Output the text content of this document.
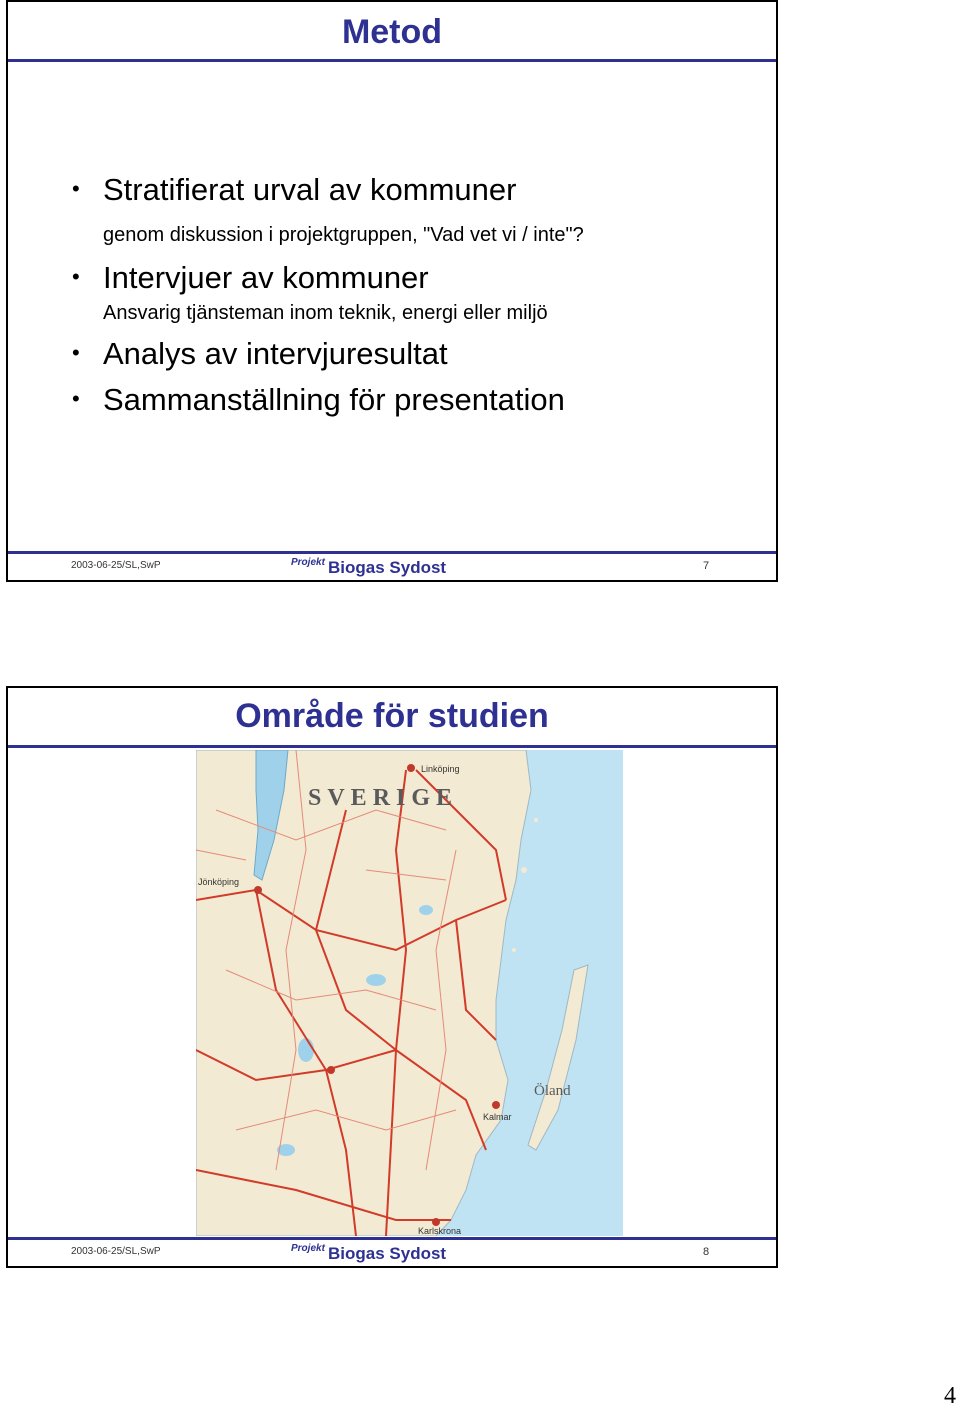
Metod
• Stratifierat urval av kommuner
genom diskussion i projektgruppen, "Vad vet vi / inte"?
• Intervjuer av kommuner
Ansvarig tjänsteman inom teknik, energi eller miljö
• Analys av intervjuresultat
• Sammanställning för presentation
2003-06-25/SL,SwP	Projekt Biogas Sydost	7
Område för studien
SVERIGE
Öland
Jönköping
Linköping
Kalmar
Karlskrona
2003-06-25/SL,SwP	Projekt Biogas Sydost	8
4
